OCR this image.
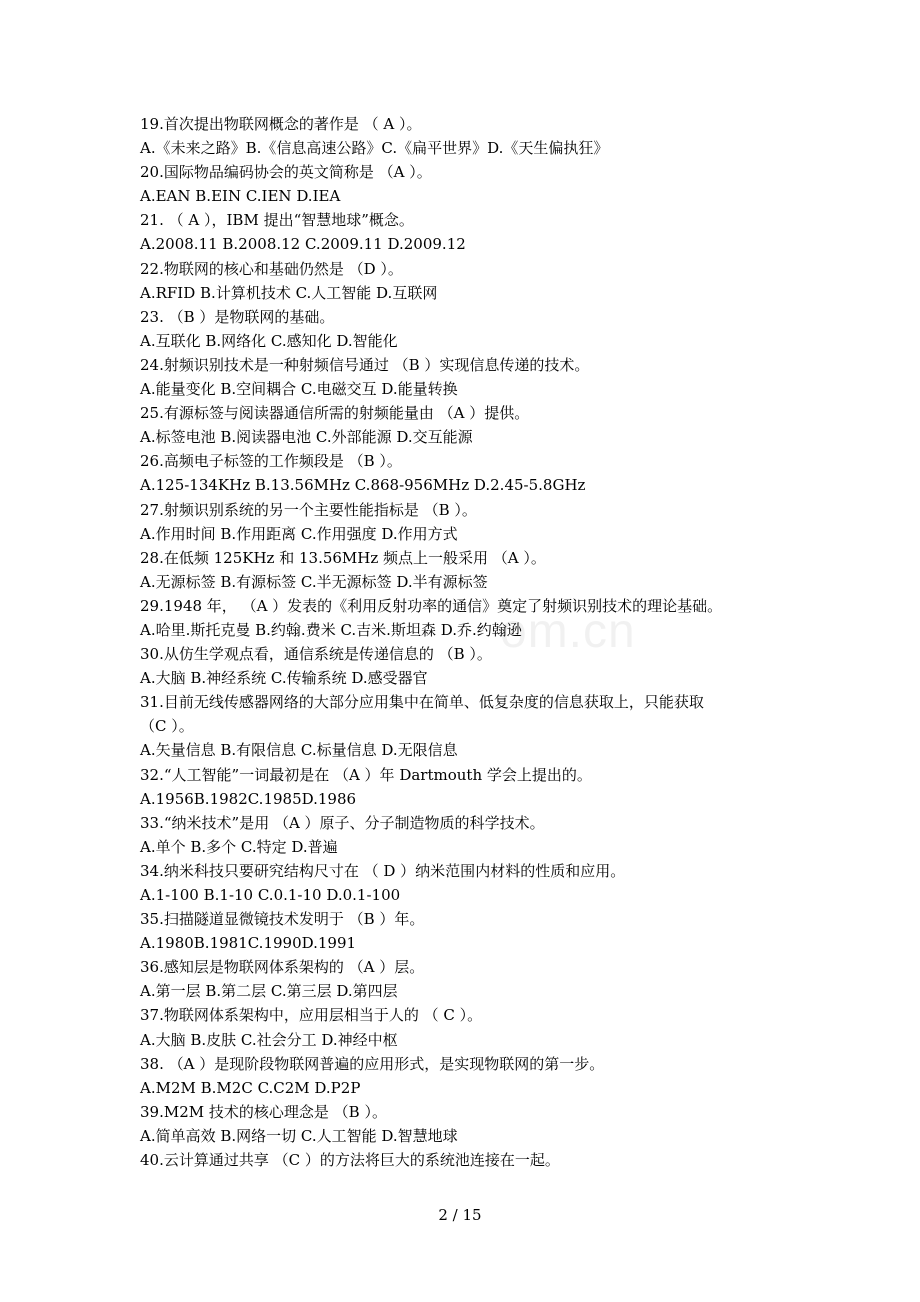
19.首次提出物联网概念的著作是 （ A ）。
A.《未来之路》B.《信息高速公路》C.《扁平世界》D.《天生偏执狂》
20.国际物品编码协会的英文简称是 （A ）。
A.EAN B.EIN C.IEN D.IEA
21. （ A ），IBM 提出“智慧地球”概念。
A.2008.11 B.2008.12 C.2009.11 D.2009.12
22.物联网的核心和基础仍然是 （D ）。
A.RFID B.计算机技术 C.人工智能 D.互联网
23. （B ）是物联网的基础。
A.互联化 B.网络化 C.感知化 D.智能化
24.射频识别技术是一种射频信号通过 （B ）实现信息传递的技术。
A.能量变化 B.空间耦合 C.电磁交互 D.能量转换
25.有源标签与阅读器通信所需的射频能量由 （A ）提供。
A.标签电池 B.阅读器电池 C.外部能源 D.交互能源
26.高频电子标签的工作频段是 （B ）。
A.125-134KHz B.13.56MHz C.868-956MHz D.2.45-5.8GHz
27.射频识别系统的另一个主要性能指标是 （B ）。
A.作用时间 B.作用距离 C.作用强度 D.作用方式
28.在低频 125KHz 和 13.56MHz 频点上一般采用 （A ）。
A.无源标签 B.有源标签 C.半无源标签 D.半有源标签
29.1948 年， （A ）发表的《利用反射功率的通信》奠定了射频识别技术的理论基础。
A.哈里.斯托克曼 B.约翰.费米 C.吉米.斯坦森 D.乔.约翰逊
30.从仿生学观点看，通信系统是传递信息的 （B ）。
A.大脑 B.神经系统 C.传输系统 D.感受器官
31.目前无线传感器网络的大部分应用集中在简单、低复杂度的信息获取上，只能获取
（C ）。
A.矢量信息 B.有限信息 C.标量信息 D.无限信息
32.“人工智能”一词最初是在 （A ）年 Dartmouth 学会上提出的。
A.1956B.1982C.1985D.1986
33.“纳米技术”是用 （A ）原子、分子制造物质的科学技术。
A.单个 B.多个 C.特定 D.普遍
34.纳米科技只要研究结构尺寸在 （ D ）纳米范围内材料的性质和应用。
A.1-100 B.1-10 C.0.1-10 D.0.1-100
35.扫描隧道显微镜技术发明于 （B ）年。
A.1980B.1981C.1990D.1991
36.感知层是物联网体系架构的 （A ）层。
A.第一层 B.第二层 C.第三层 D.第四层
37.物联网体系架构中，应用层相当于人的 （ C ）。
A.大脑 B.皮肤 C.社会分工 D.神经中枢
38. （A ）是现阶段物联网普遍的应用形式，是实现物联网的第一步。
A.M2M B.M2C C.C2M D.P2P
39.M2M 技术的核心理念是 （B ）。
A.简单高效 B.网络一切 C.人工智能 D.智慧地球
40.云计算通过共享 （C ）的方法将巨大的系统池连接在一起。
om.cn
2 / 15
